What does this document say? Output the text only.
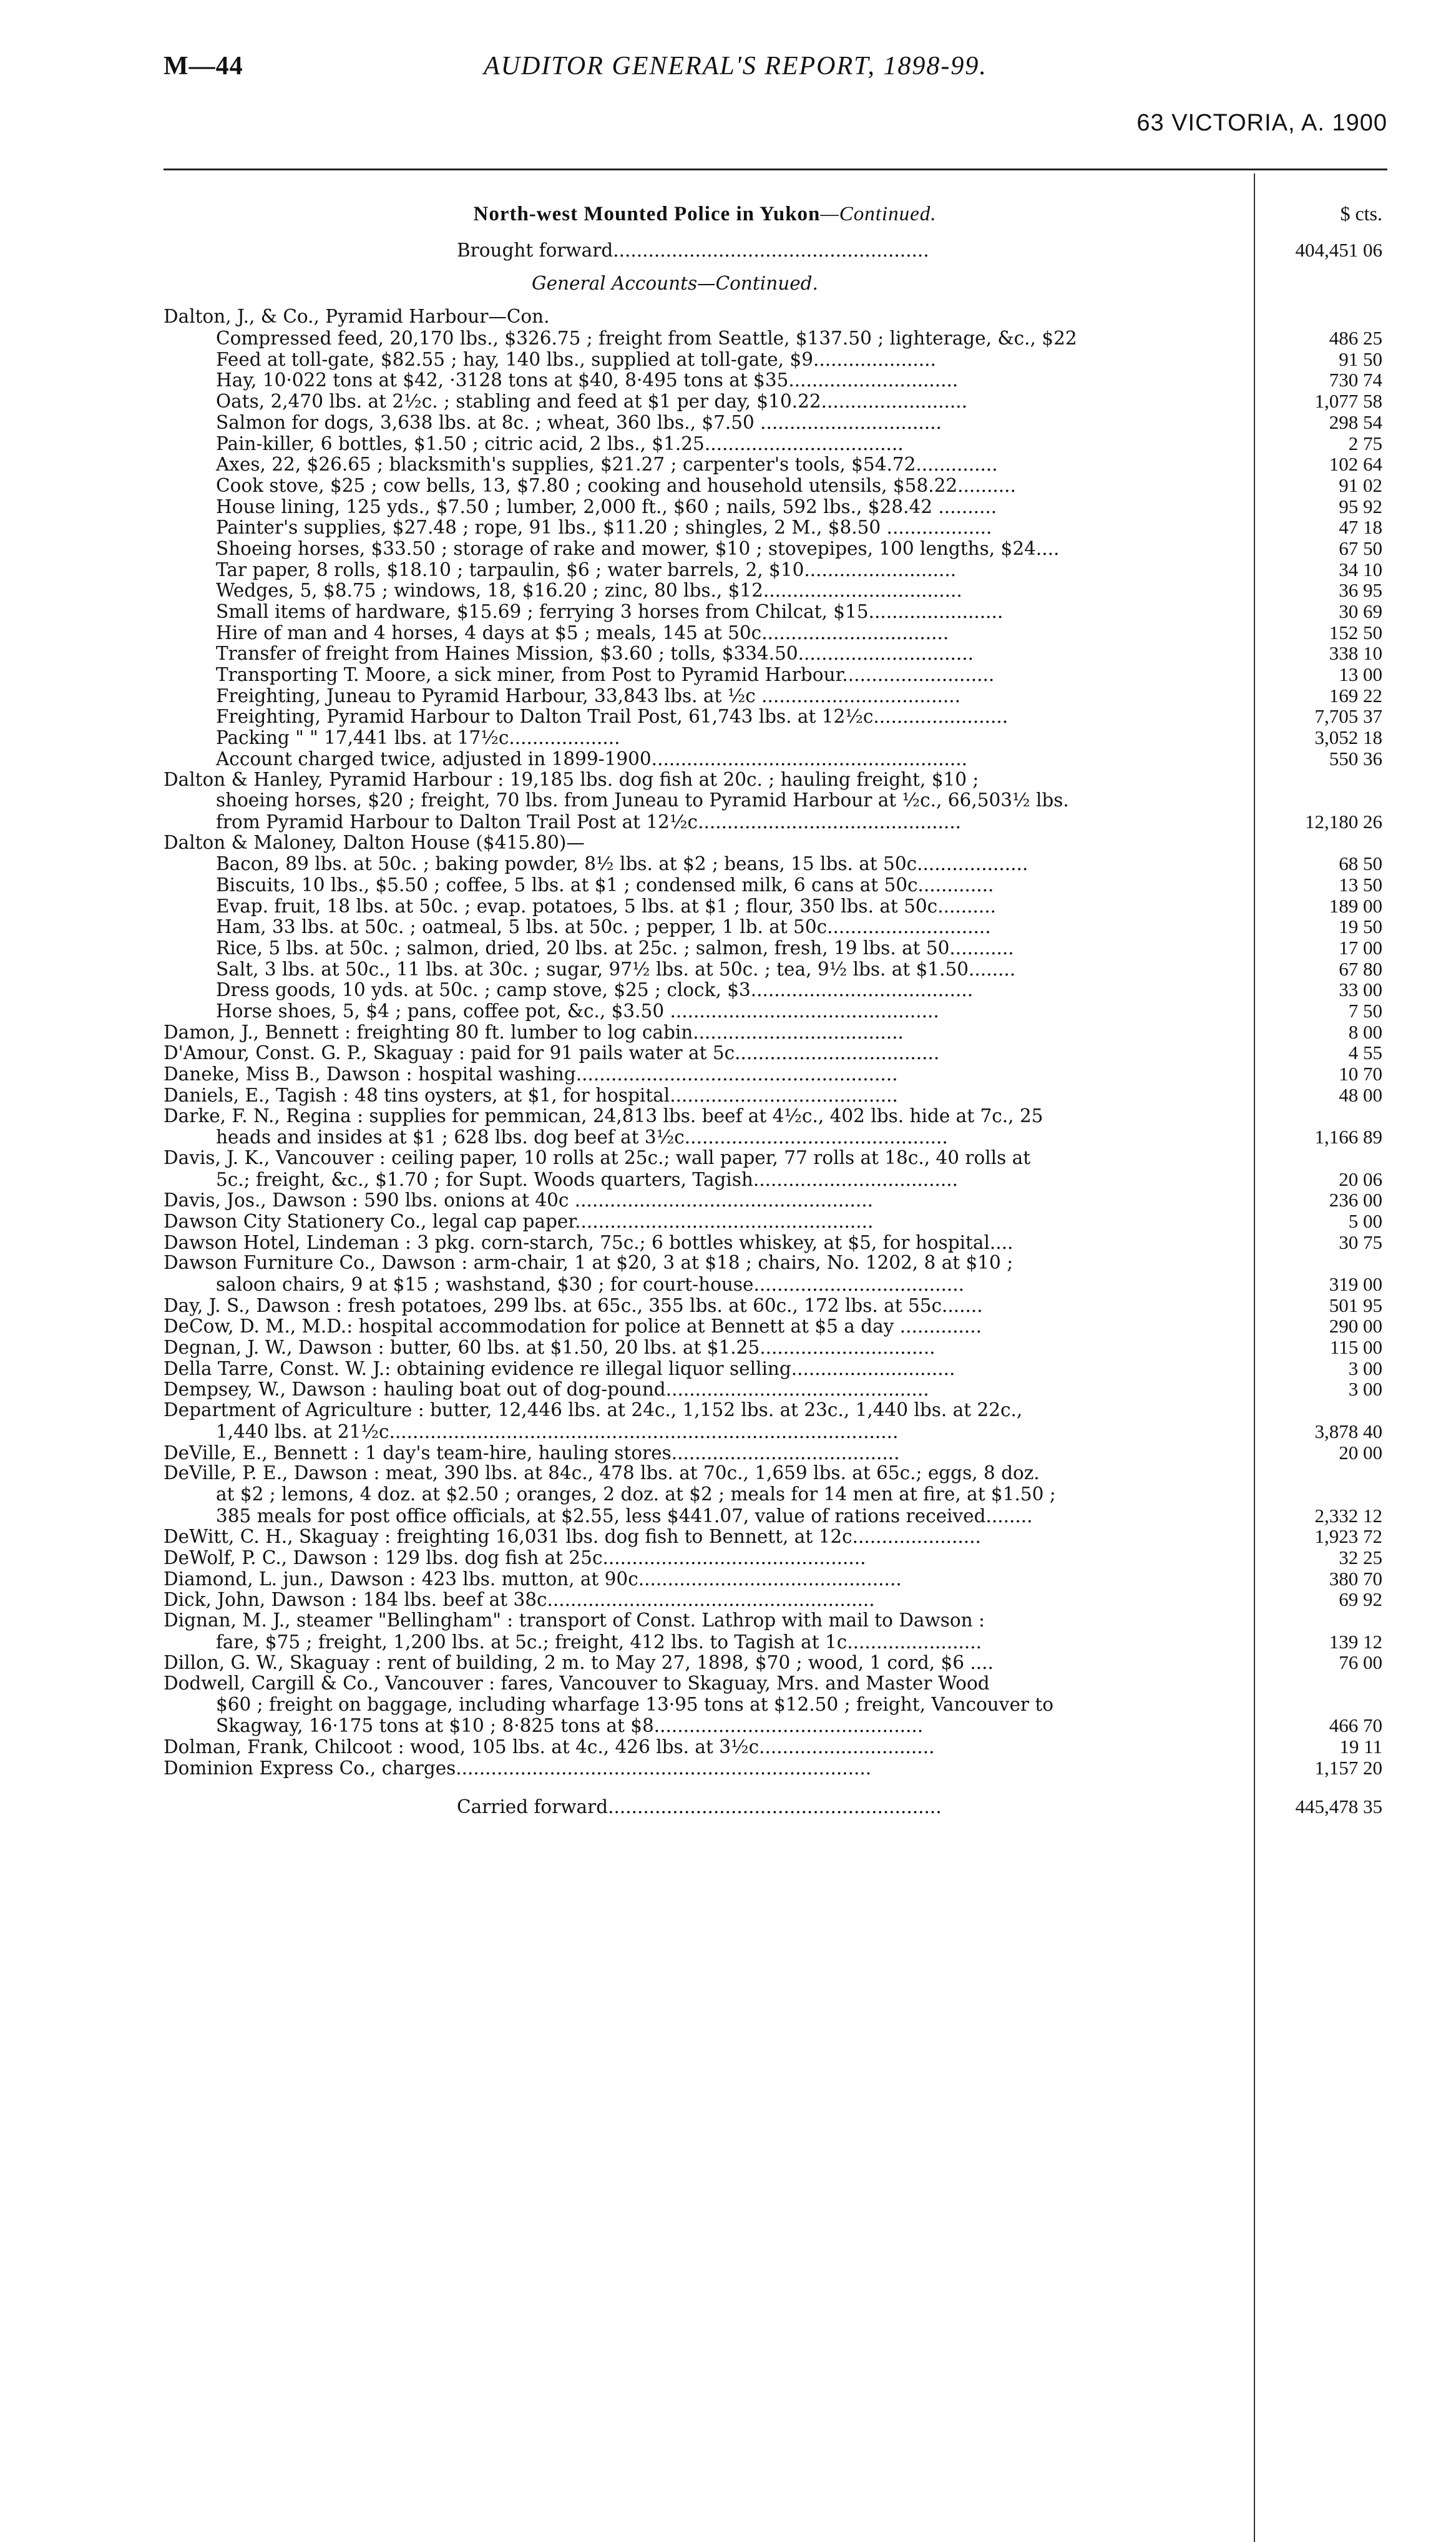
M—44	AUDITOR GENERAL'S REPORT, 1898-99.
63 VICTORIA, A. 1900
North-west Mounted Police in Yukon—Continued.	$ cts.
Brought forward......................................................	404,451 06
General Accounts—Continued.
Dalton, J., & Co., Pyramid Harbour—Con.
Compressed feed, 20,170 lbs., $326.75 ; freight from Seattle, $137.50 ; lighterage, &c., $22	486 25
Feed at toll-gate, $82.55 ; hay, 140 lbs., supplied at toll-gate, $9.....................	91 50
Hay, 10·022 tons at $42, ·3128 tons at $40, 8·495 tons at $35.............................	730 74
Oats, 2,470 lbs. at 2½c. ; stabling and feed at $1 per day, $10.22.........................	1,077 58
Salmon for dogs, 3,638 lbs. at 8c. ; wheat, 360 lbs., $7.50 ...............................	298 54
Pain-killer, 6 bottles, $1.50 ; citric acid, 2 lbs., $1.25..................................	2 75
Axes, 22, $26.65 ; blacksmith's supplies, $21.27 ; carpenter's tools, $54.72..............	102 64
Cook stove, $25 ; cow bells, 13, $7.80 ; cooking and household utensils, $58.22..........	91 02
House lining, 125 yds., $7.50 ; lumber, 2,000 ft., $60 ; nails, 592 lbs., $28.42 ..........	95 92
Painter's supplies, $27.48 ; rope, 91 lbs., $11.20 ; shingles, 2 M., $8.50 ..................	47 18
Shoeing horses, $33.50 ; storage of rake and mower, $10 ; stovepipes, 100 lengths, $24....	67 50
Tar paper, 8 rolls, $18.10 ; tarpaulin, $6 ; water barrels, 2, $10..........................	34 10
Wedges, 5, $8.75 ; windows, 18, $16.20 ; zinc, 80 lbs., $12..................................	36 95
Small items of hardware, $15.69 ; ferrying 3 horses from Chilcat, $15.......................	30 69
Hire of man and 4 horses, 4 days at $5 ; meals, 145 at 50c................................	152 50
Transfer of freight from Haines Mission, $3.60 ; tolls, $334.50..............................	338 10
Transporting T. Moore, a sick miner, from Post to Pyramid Harbour..........................	13 00
Freighting, Juneau to Pyramid Harbour, 33,843 lbs. at ½c ..................................	169 22
Freighting, Pyramid Harbour to Dalton Trail Post, 61,743 lbs. at 12½c.......................	7,705 37
Packing " " 17,441 lbs. at 17½c...................	3,052 18
Account charged twice, adjusted in 1899-1900......................................................	550 36
Dalton & Hanley, Pyramid Harbour : 19,185 lbs. dog fish at 20c. ; hauling freight, $10 ;
shoeing horses, $20 ; freight, 70 lbs. from Juneau to Pyramid Harbour at ½c., 66,503½ lbs.
from Pyramid Harbour to Dalton Trail Post at 12½c.............................................	12,180 26
Dalton & Maloney, Dalton House ($415.80)—
Bacon, 89 lbs. at 50c. ; baking powder, 8½ lbs. at $2 ; beans, 15 lbs. at 50c...................	68 50
Biscuits, 10 lbs., $5.50 ; coffee, 5 lbs. at $1 ; condensed milk, 6 cans at 50c.............	13 50
Evap. fruit, 18 lbs. at 50c. ; evap. potatoes, 5 lbs. at $1 ; flour, 350 lbs. at 50c..........	189 00
Ham, 33 lbs. at 50c. ; oatmeal, 5 lbs. at 50c. ; pepper, 1 lb. at 50c............................	19 50
Rice, 5 lbs. at 50c. ; salmon, dried, 20 lbs. at 25c. ; salmon, fresh, 19 lbs. at 50...........	17 00
Salt, 3 lbs. at 50c., 11 lbs. at 30c. ; sugar, 97½ lbs. at 50c. ; tea, 9½ lbs. at $1.50........	67 80
Dress goods, 10 yds. at 50c. ; camp stove, $25 ; clock, $3......................................	33 00
Horse shoes, 5, $4 ; pans, coffee pot, &c., $3.50 ..............................................	7 50
Damon, J., Bennett : freighting 80 ft. lumber to log cabin....................................	8 00
D'Amour, Const. G. P., Skaguay : paid for 91 pails water at 5c...................................	4 55
Daneke, Miss B., Dawson : hospital washing.......................................................	10 70
Daniels, E., Tagish : 48 tins oysters, at $1, for hospital.......................................	48 00
Darke, F. N., Regina : supplies for pemmican, 24,813 lbs. beef at 4½c., 402 lbs. hide at 7c., 25
heads and insides at $1 ; 628 lbs. dog beef at 3½c.............................................	1,166 89
Davis, J. K., Vancouver : ceiling paper, 10 rolls at 25c.; wall paper, 77 rolls at 18c., 40 rolls at
5c.; freight, &c., $1.70 ; for Supt. Woods quarters, Tagish...................................	20 06
Davis, Jos., Dawson : 590 lbs. onions at 40c ...................................................	236 00
Dawson City Stationery Co., legal cap paper...................................................	5 00
Dawson Hotel, Lindeman : 3 pkg. corn-starch, 75c.; 6 bottles whiskey, at $5, for hospital....	30 75
Dawson Furniture Co., Dawson : arm-chair, 1 at $20, 3 at $18 ; chairs, No. 1202, 8 at $10 ;
saloon chairs, 9 at $15 ; washstand, $30 ; for court-house....................................	319 00
Day, J. S., Dawson : fresh potatoes, 299 lbs. at 65c., 355 lbs. at 60c., 172 lbs. at 55c.......	501 95
DeCow, D. M., M.D.: hospital accommodation for police at Bennett at $5 a day ..............	290 00
Degnan, J. W., Dawson : butter, 60 lbs. at $1.50, 20 lbs. at $1.25..............................	115 00
Della Tarre, Const. W. J.: obtaining evidence re illegal liquor selling............................	3 00
Dempsey, W., Dawson : hauling boat out of dog-pound.............................................	3 00
Department of Agriculture : butter, 12,446 lbs. at 24c., 1,152 lbs. at 23c., 1,440 lbs. at 22c.,
1,440 lbs. at 21½c.......................................................................................	3,878 40
DeVille, E., Bennett : 1 day's team-hire, hauling stores.......................................	20 00
DeVille, P. E., Dawson : meat, 390 lbs. at 84c., 478 lbs. at 70c., 1,659 lbs. at 65c.; eggs, 8 doz.
at $2 ; lemons, 4 doz. at $2.50 ; oranges, 2 doz. at $2 ; meals for 14 men at fire, at $1.50 ;
385 meals for post office officials, at $2.55, less $441.07, value of rations received........	2,332 12
DeWitt, C. H., Skaguay : freighting 16,031 lbs. dog fish to Bennett, at 12c......................	1,923 72
DeWolf, P. C., Dawson : 129 lbs. dog fish at 25c.............................................	32 25
Diamond, L. jun., Dawson : 423 lbs. mutton, at 90c.............................................	380 70
Dick, John, Dawson : 184 lbs. beef at 38c........................................................	69 92
Dignan, M. J., steamer "Bellingham" : transport of Const. Lathrop with mail to Dawson :
fare, $75 ; freight, 1,200 lbs. at 5c.; freight, 412 lbs. to Tagish at 1c.......................	139 12
Dillon, G. W., Skaguay : rent of building, 2 m. to May 27, 1898, $70 ; wood, 1 cord, $6 ....	76 00
Dodwell, Cargill & Co., Vancouver : fares, Vancouver to Skaguay, Mrs. and Master Wood
$60 ; freight on baggage, including wharfage 13·95 tons at $12.50 ; freight, Vancouver to
Skagway, 16·175 tons at $10 ; 8·825 tons at $8..............................................	466 70
Dolman, Frank, Chilcoot : wood, 105 lbs. at 4c., 426 lbs. at 3½c..............................	19 11
Dominion Express Co., charges.......................................................................	1,157 20
Carried forward.........................................................	445,478 35
